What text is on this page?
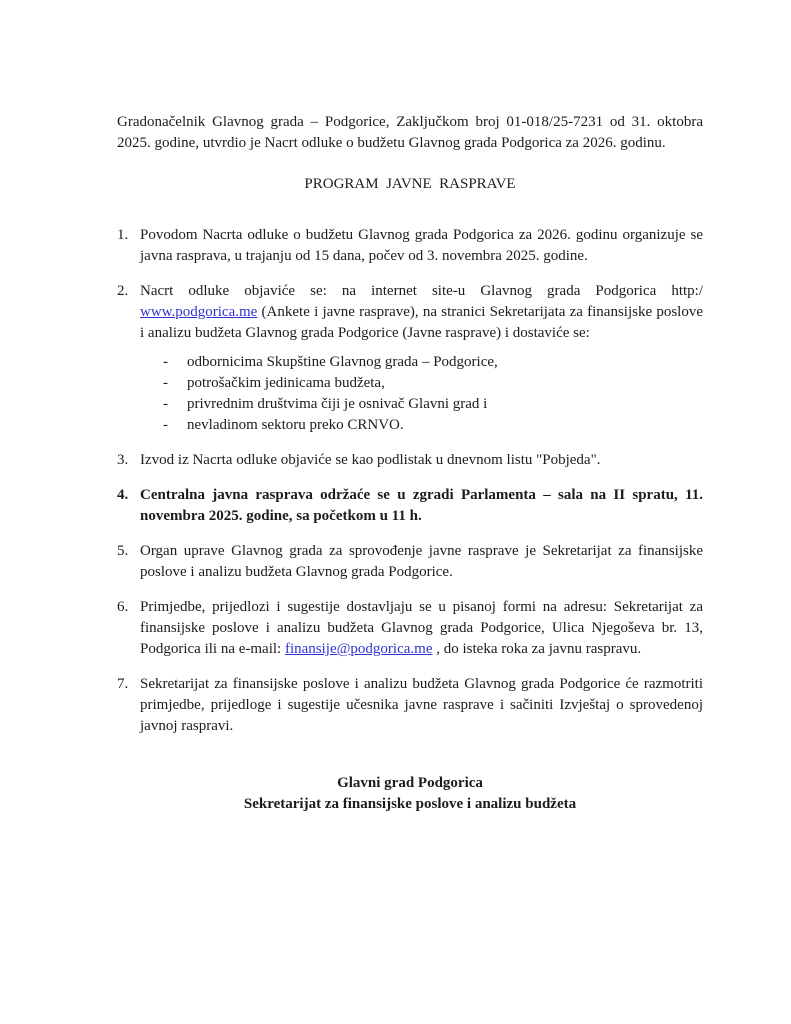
Gradonačelnik Glavnog grada – Podgorice, Zaključkom broj 01-018/25-7231 od 31. oktobra 2025. godine, utvrdio je Nacrt odluke o budžetu Glavnog grada Podgorica za 2026. godinu.

PROGRAM  JAVNE  RASPRAVE
1. Povodom Nacrta odluke o budžetu Glavnog grada Podgorica za 2026. godinu organizuje se javna rasprava, u trajanju od 15 dana, počev od 3. novembra 2025. godine.
2. Nacrt odluke objaviće se: na internet site-u Glavnog grada Podgorica http:/ www.podgorica.me (Ankete i javne rasprave), na stranici Sekretarijata za finansijske poslove i analizu budžeta Glavnog grada Podgorice (Javne rasprave) i dostaviće se:
-	odbornicima Skupštine Glavnog grada – Podgorice,
-	potrošačkim jedinicama budžeta,
-	privrednim društvima čiji je osnivač Glavni grad i
-	nevladinom sektoru preko CRNVO.
3. Izvod iz Nacrta odluke objaviće se kao podlistak u dnevnom listu "Pobjeda".
4. Centralna javna rasprava održaće se u zgradi Parlamenta – sala na II spratu, 11. novembra 2025. godine, sa početkom u 11 h.
5. Organ uprave Glavnog grada za sprovođenje javne rasprave je Sekretarijat za finansijske poslove i analizu budžeta Glavnog grada Podgorice.
6. Primjedbe, prijedlozi i sugestije dostavljaju se u pisanoj formi na adresu: Sekretarijat za finansijske poslove i analizu budžeta Glavnog grada Podgorice, Ulica Njegoševa br. 13, Podgorica ili na e-mail: finansije@podgorica.me , do isteka roka za javnu raspravu.
7. Sekretarijat za finansijske poslove i analizu budžeta Glavnog grada Podgorice će razmotriti primjedbe, prijedloge i sugestije učesnika javne rasprave i sačiniti Izvještaj o sprovedenoj javnoj raspravi.
Glavni grad Podgorica
Sekretarijat za finansijske poslove i analizu budžeta
